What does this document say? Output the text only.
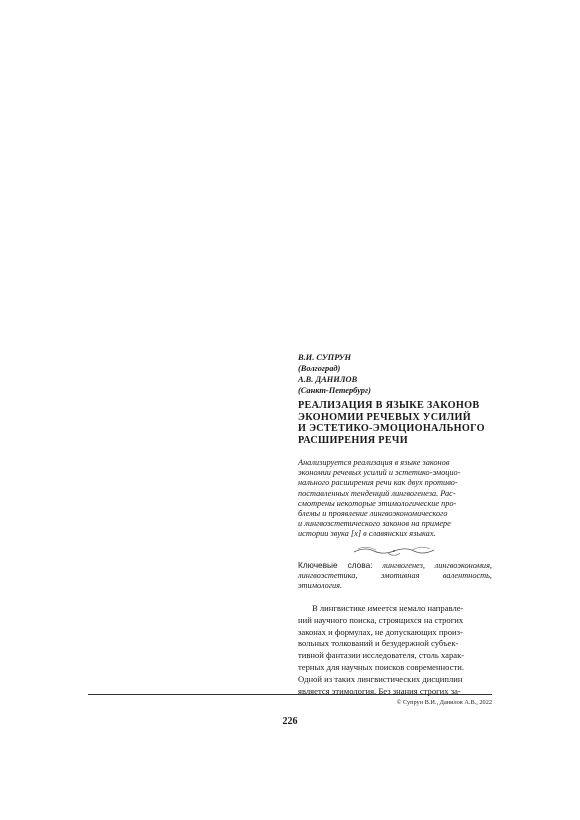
В.И. СУПРУН
(Волгоград)
А.В. ДАНИЛОВ
(Санкт-Петербург)
РЕАЛИЗАЦИЯ В ЯЗЫКЕ ЗАКОНОВ
ЭКОНОМИИ РЕЧЕВЫХ УСИЛИЙ
И ЭСТЕТИКО-ЭМОЦИОНАЛЬНОГО
РАСШИРЕНИЯ РЕЧИ
Анализируется реализация в языке законов
экономии речевых усилий и эстетико-эмоцио-
нального расширения речи как двух противо-
поставленных тенденций лингвогенеза. Рас-
смотрены некоторые этимологические про-
блемы и проявление лингвоэкономического
и лингвоэстетического законов на примере
истории звука [х] в славянских языках.
Ключевые слова: лингвогенез, лингвоэкономия, лингвоэстетика, эмотивная валентность, этимология.
В лингвистике имеется немало направле-
ний научного поиска, строящихся на строгих
законах и формулах, не допускающих произ-
вольных толкований и безудержной субъек-
тивной фантазии исследователя, столь харак-
терных для научных поисков современности.
Одной из таких лингвистических дисциплин
является этимология. Без знания строгих за-
© Супрун В.И., Данилов А.В., 2022
226
